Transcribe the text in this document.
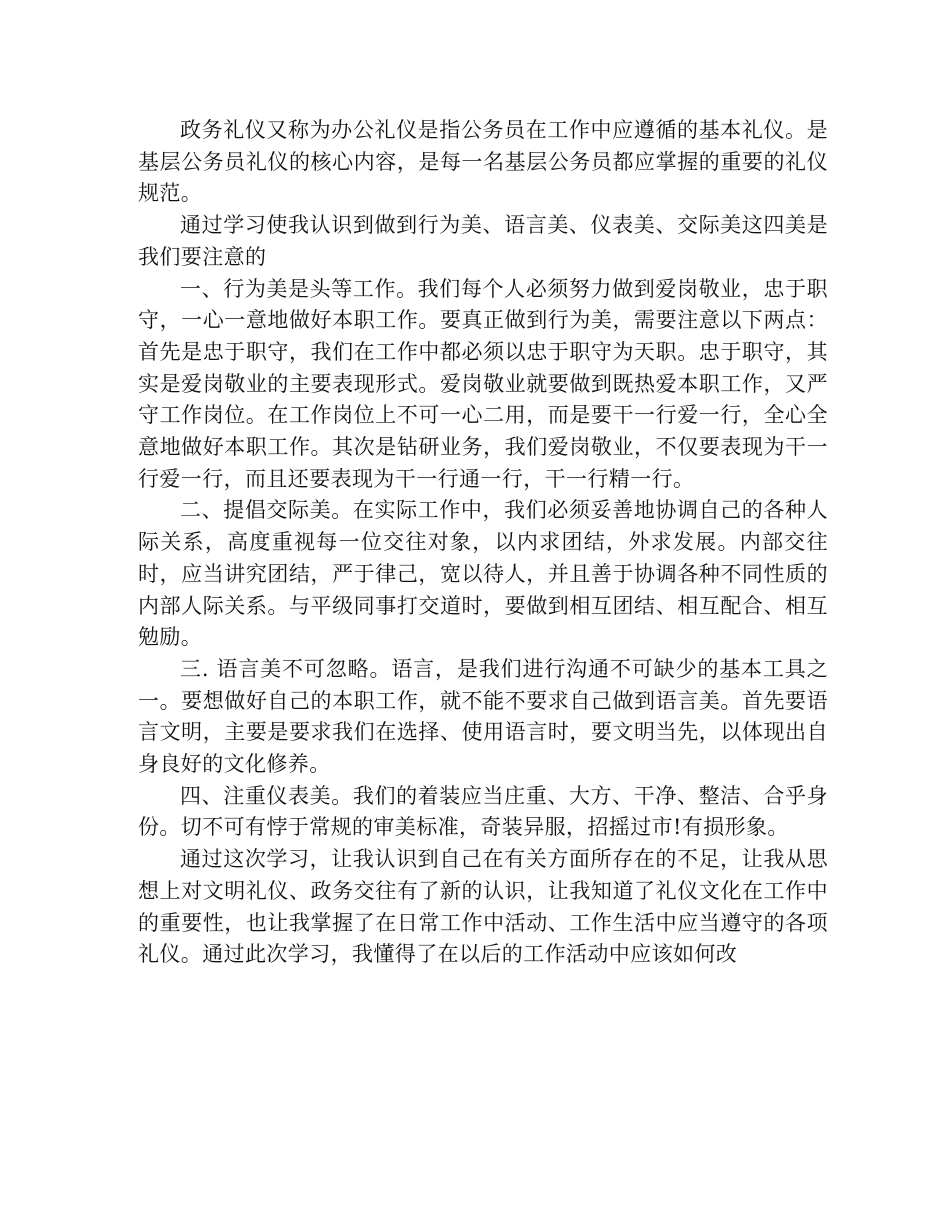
政务礼仪又称为办公礼仪是指公务员在工作中应遵循的基本礼仪。是基层公务员礼仪的核心内容，是每一名基层公务员都应掌握的重要的礼仪规范。

通过学习使我认识到做到行为美、语言美、仪表美、交际美这四美是我们要注意的

一、行为美是头等工作。我们每个人必须努力做到爱岗敬业，忠于职守，一心一意地做好本职工作。要真正做到行为美，需要注意以下两点：首先是忠于职守，我们在工作中都必须以忠于职守为天职。忠于职守，其实是爱岗敬业的主要表现形式。爱岗敬业就要做到既热爱本职工作，又严守工作岗位。在工作岗位上不可一心二用，而是要干一行爱一行，全心全意地做好本职工作。其次是钻研业务，我们爱岗敬业，不仅要表现为干一行爱一行，而且还要表现为干一行通一行，干一行精一行。

二、提倡交际美。在实际工作中，我们必须妥善地协调自己的各种人际关系，高度重视每一位交往对象，以内求团结，外求发展。内部交往时，应当讲究团结，严于律己，宽以待人，并且善于协调各种不同性质的内部人际关系。与平级同事打交道时，要做到相互团结、相互配合、相互勉励。

三. 语言美不可忽略。语言，是我们进行沟通不可缺少的基本工具之一。要想做好自己的本职工作，就不能不要求自己做到语言美。首先要语言文明，主要是要求我们在选择、使用语言时，要文明当先，以体现出自身良好的文化修养。

四、注重仪表美。我们的着装应当庄重、大方、干净、整洁、合乎身份。切不可有悖于常规的审美标准，奇装异服，招摇过市!有损形象。

通过这次学习，让我认识到自己在有关方面所存在的不足，让我从思想上对文明礼仪、政务交往有了新的认识，让我知道了礼仪文化在工作中的重要性，也让我掌握了在日常工作中活动、工作生活中应当遵守的各项礼仪。通过此次学习，我懂得了在以后的工作活动中应该如何改
